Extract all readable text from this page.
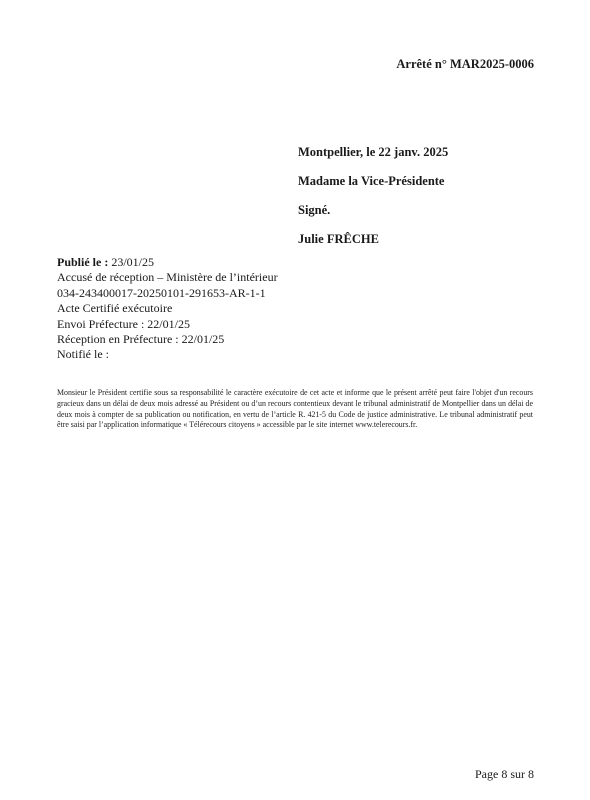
Arrêté n° MAR2025-0006

Montpellier, le 22 janv. 2025

Madame la Vice-Présidente

Signé.

Julie FRÊCHE

Publié le : 23/01/25
Accusé de réception – Ministère de l’intérieur
034-243400017-20250101-291653-AR-1-1
Acte Certifié exécutoire
Envoi Préfecture : 22/01/25
Réception en Préfecture : 22/01/25
Notifié le :
Monsieur le Président certifie sous sa responsabilité le caractère exécutoire de cet acte et informe que le présent arrêté peut faire l'objet d'un recours gracieux dans un délai de deux mois adressé au Président ou d’un recours contentieux devant le tribunal administratif de Montpellier dans un délai de deux mois à compter de sa publication ou notification, en vertu de l’article R. 421-5 du Code de justice administrative. Le tribunal administratif peut être saisi par l’application informatique « Télérecours citoyens » accessible par le site internet www.telerecours.fr.
Page 8 sur 8
